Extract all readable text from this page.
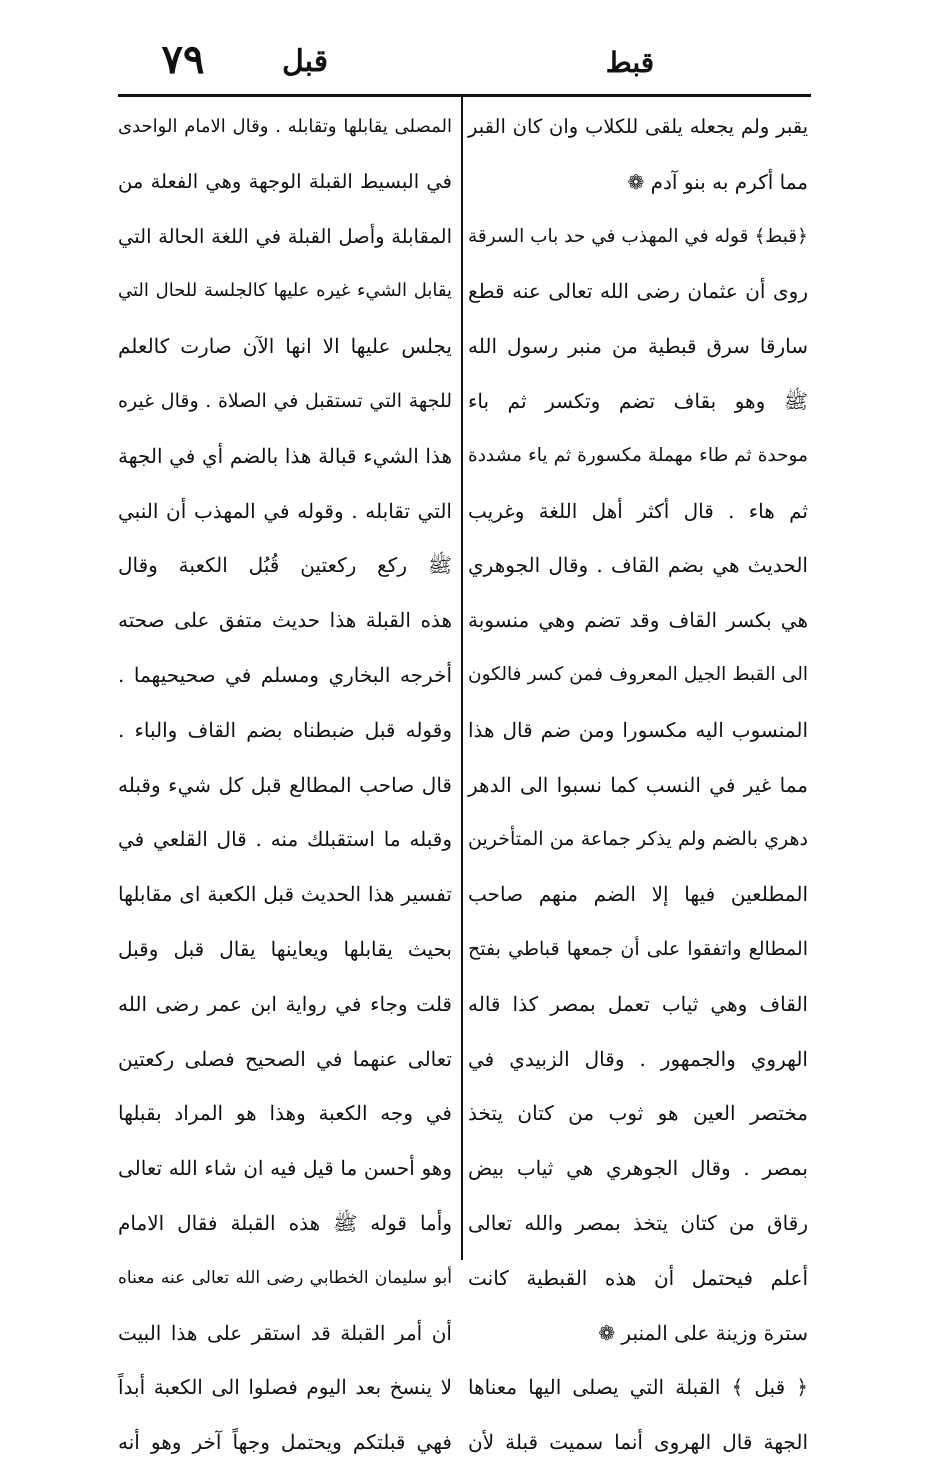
قبط
قبل
٧٩
يقبر ولم يجعله يلقى للكلاب وان كان القبر
مما أكرم به بنو آدم ❁
﴿قبط﴾ قوله في المهذب في حد باب السرقة
روى أن عثمان رضى الله تعالى عنه قطع
سارقا سرق قبطية من منبر رسول الله
ﷺ وهو بقاف تضم وتكسر ثم باء
موحدة ثم طاء مهملة مكسورة ثم ياء مشددة
ثم هاء . قال أكثر أهل اللغة وغريب
الحديث هي بضم القاف . وقال الجوهري
هي بكسر القاف وقد تضم وهي منسوبة
الى القبط الجيل المعروف فمن كسر فالكون
المنسوب اليه مكسورا ومن ضم قال هذا
مما غير في النسب كما نسبوا الى الدهر
دهري بالضم ولم يذكر جماعة من المتأخرين
المطلعين فيها إلا الضم منهم صاحب
المطالع واتفقوا على أن جمعها قباطي بفتح
القاف وهي ثياب تعمل بمصر كذا قاله
الهروي والجمهور . وقال الزبيدي في
مختصر العين هو ثوب من كتان يتخذ
بمصر . وقال الجوهري هي ثياب بيض
رقاق من كتان يتخذ بمصر والله تعالى
أعلم فيحتمل أن هذه القبطية كانت
سترة وزينة على المنبر ❁
﴿ قبل ﴾ القبلة التي يصلى اليها معناها
الجهة قال الهروى أنما سميت قبلة لأن
المصلى يقابلها وتقابله . وقال الامام الواحدى
في البسيط القبلة الوجهة وهي الفعلة من
المقابلة وأصل القبلة في اللغة الحالة التي
يقابل الشيء غيره عليها كالجلسة للحال التي
يجلس عليها الا انها الآن صارت كالعلم
للجهة التي تستقبل في الصلاة . وقال غيره
هذا الشيء قبالة هذا بالضم أي في الجهة
التي تقابله . وقوله في المهذب أن النبي
ﷺ ركع ركعتين قُبُل الكعبة وقال
هذه القبلة هذا حديث متفق على صحته
أخرجه البخاري ومسلم في صحيحيهما .
وقوله قبل ضبطناه بضم القاف والباء .
قال صاحب المطالع قبل كل شيء وقبله
وقبله ما استقبلك منه . قال القلعي في
تفسير هذا الحديث قبل الكعبة اى مقابلها
بحيث يقابلها ويعاينها يقال قبل وقبل
قلت وجاء في رواية ابن عمر رضى الله
تعالى عنهما في الصحيح فصلى ركعتين
في وجه الكعبة وهذا هو المراد بقبلها
وهو أحسن ما قيل فيه ان شاء الله تعالى
وأما قوله ﷺ هذه القبلة فقال الامام
أبو سليمان الخطابي رضى الله تعالى عنه معناه
أن أمر القبلة قد استقر على هذا البيت
لا ينسخ بعد اليوم فصلوا الى الكعبة أبداً
فهي قبلتكم ويحتمل وجهاً آخر وهو أنه
